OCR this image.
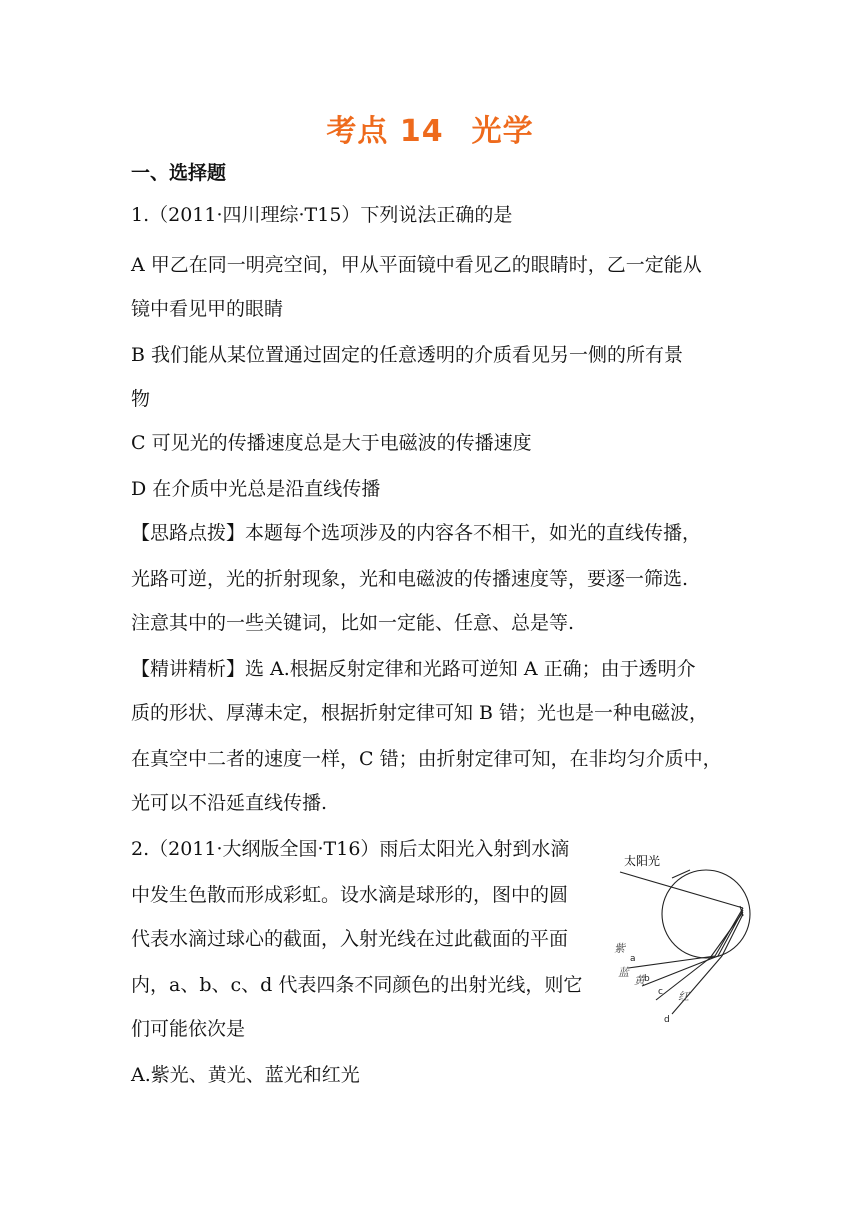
考点 14 光学
一、选择题
1.（2011·四川理综·T15）下列说法正确的是
A 甲乙在同一明亮空间，甲从平面镜中看见乙的眼睛时，乙一定能从
镜中看见甲的眼睛
B 我们能从某位置通过固定的任意透明的介质看见另一侧的所有景
物
C 可见光的传播速度总是大于电磁波的传播速度
D 在介质中光总是沿直线传播
【思路点拨】本题每个选项涉及的内容各不相干，如光的直线传播，
光路可逆，光的折射现象，光和电磁波的传播速度等，要逐一筛选.
注意其中的一些关键词，比如一定能、任意、总是等.
【精讲精析】选 A.根据反射定律和光路可逆知 A 正确；由于透明介
质的形状、厚薄未定，根据折射定律可知 B 错；光也是一种电磁波，
在真空中二者的速度一样，C 错；由折射定律可知，在非均匀介质中，
光可以不沿延直线传播.
2.（2011·大纲版全国·T16）雨后太阳光入射到水滴
中发生色散而形成彩虹。设水滴是球形的，图中的圆
代表水滴过球心的截面，入射光线在过此截面的平面
内，a、b、c、d 代表四条不同颜色的出射光线，则它
们可能依次是
A.紫光、黄光、蓝光和红光
太阳光
a
b
c
d
紫
蓝
黄
红
